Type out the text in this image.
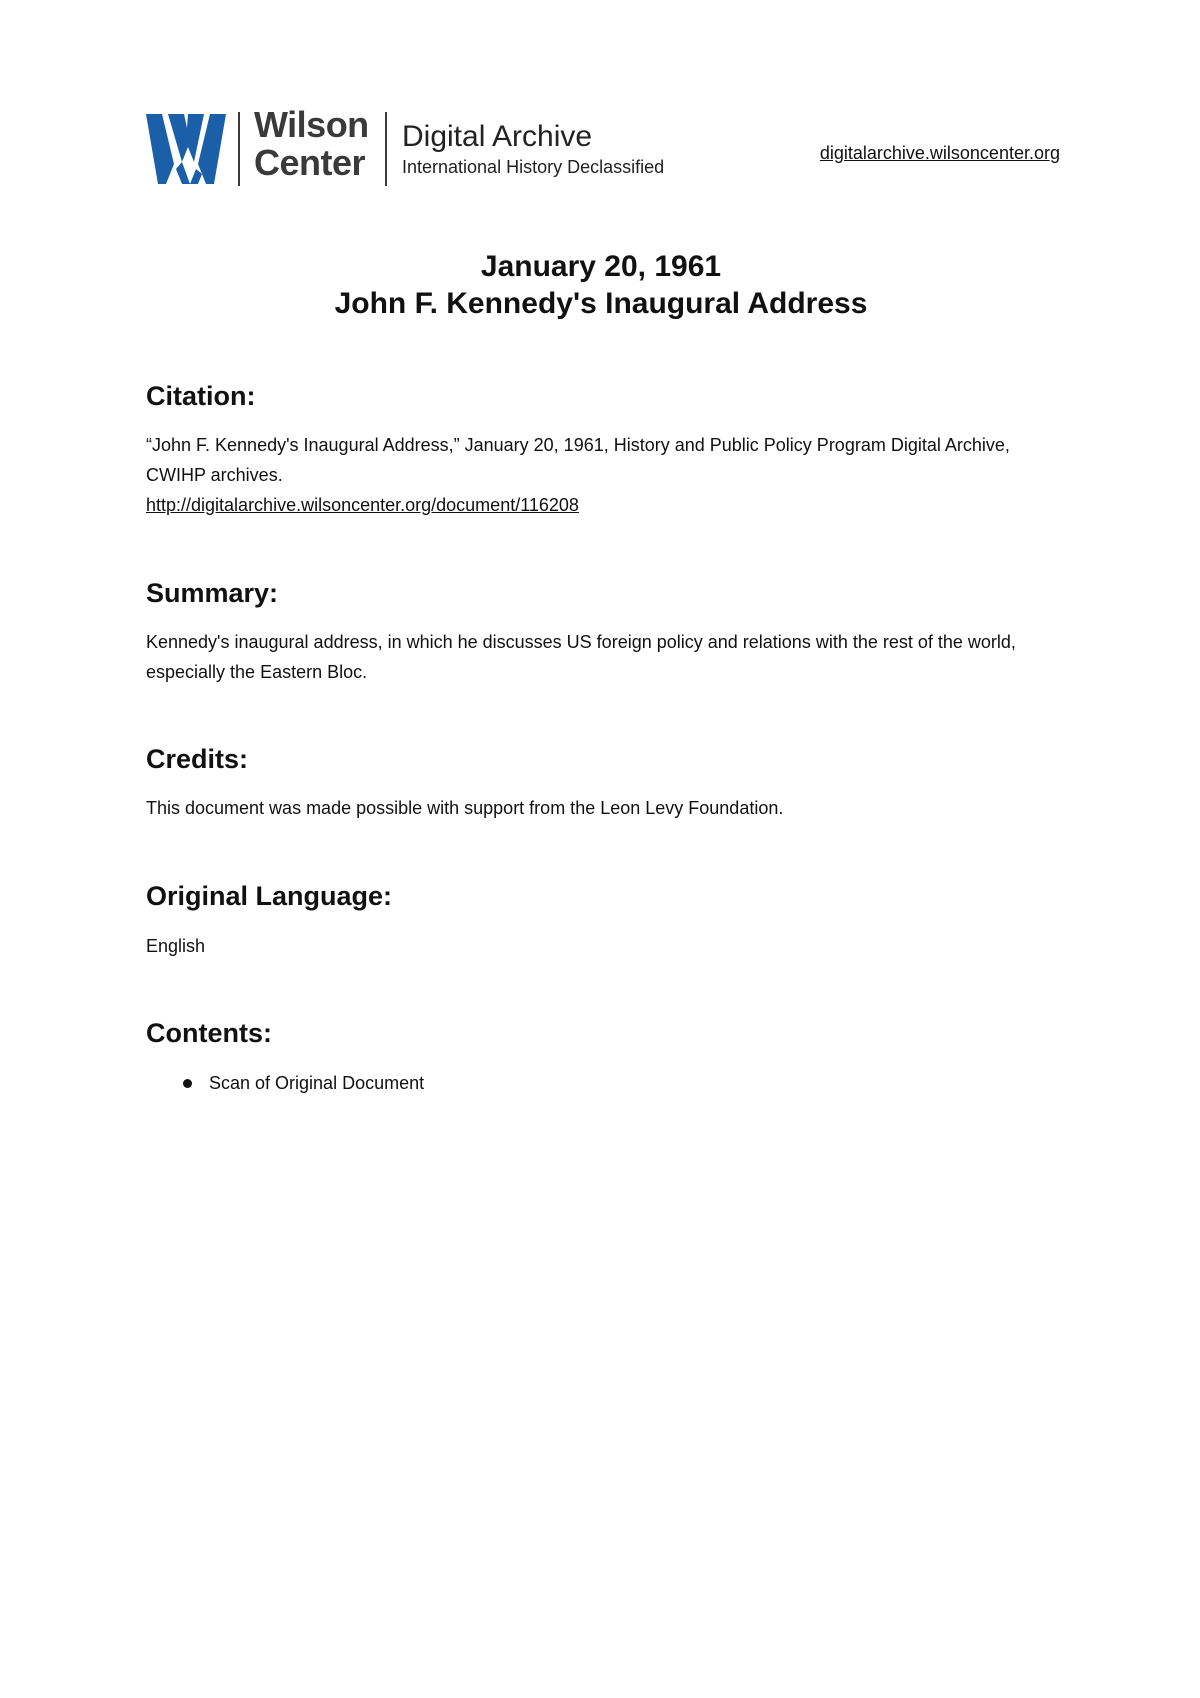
Wilson
Center
Digital Archive
International History Declassified
digitalarchive.wilsoncenter.org
January 20, 1961
John F. Kennedy's Inaugural Address
Citation:
“John F. Kennedy's Inaugural Address,” January 20, 1961, History and Public Policy Program Digital Archive, CWIHP archives.
http://digitalarchive.wilsoncenter.org/document/116208
Summary:

Kennedy's inaugural address, in which he discusses US foreign policy and relations with the rest of the world, especially the Eastern Bloc.

Credits:

This document was made possible with support from the Leon Levy Foundation.

Original Language:

English

Contents:
Scan of Original Document
